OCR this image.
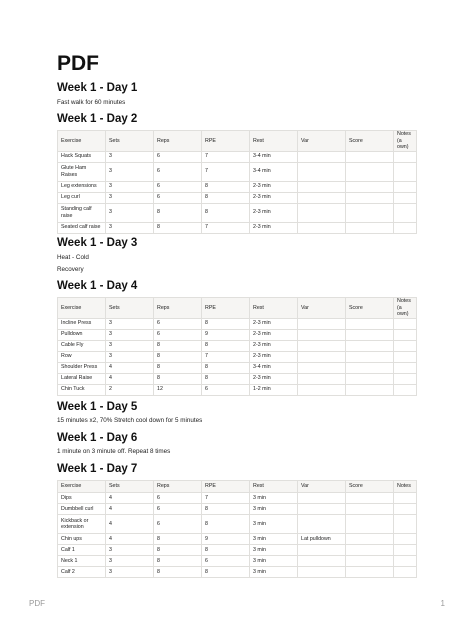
PDF
Week 1 - Day 1
Fast walk for 60 minutes
Week 1 - Day 2
Exercise	Sets	Reps	RPE	Rest	Var	Score	Notes (a own)
Hack Squats	3	6	7	3-4 min			
Glute Ham Raises	3	6	7	3-4 min			
Leg extensions	3	6	8	2-3 min			
Leg curl	3	6	8	2-3 min			
Standing calf raise	3	8	8	2-3 min			
Seated calf raise	3	8	7	2-3 min			
Week 1 - Day 3
Heat - Cold
Recovery
Week 1 - Day 4
Exercise	Sets	Reps	RPE	Rest	Var	Score	Notes (a own)
Incline Press	3	6	8	2-3 min			
Pulldown	3	6	9	2-3 min			
Cable Fly	3	8	8	2-3 min			
Row	3	8	7	2-3 min			
Shoulder Press	4	8	8	3-4 min			
Lateral Raise	4	8	8	2-3 min			
Chin Tuck	2	12	6	1-2 min			
Week 1 - Day 5
15 minutes x2, 70% Stretch cool down for 5 minutes
Week 1 - Day 6
1 minute on 3 minute off. Repeat 8 times
Week 1 - Day 7
Exercise	Sets	Reps	RPE	Rest	Var	Score	Notes
Dips	4	6	7	3 min			
Dumbbell curl	4	6	8	3 min			
Kickback or extension	4	6	8	3 min			
Chin ups	4	8	9	3 min	Lat pulldown		
Calf 1	3	8	8	3 min			
Neck 1	3	8	6	3 min			
Calf 2	3	8	8	3 min			
PDF	1
